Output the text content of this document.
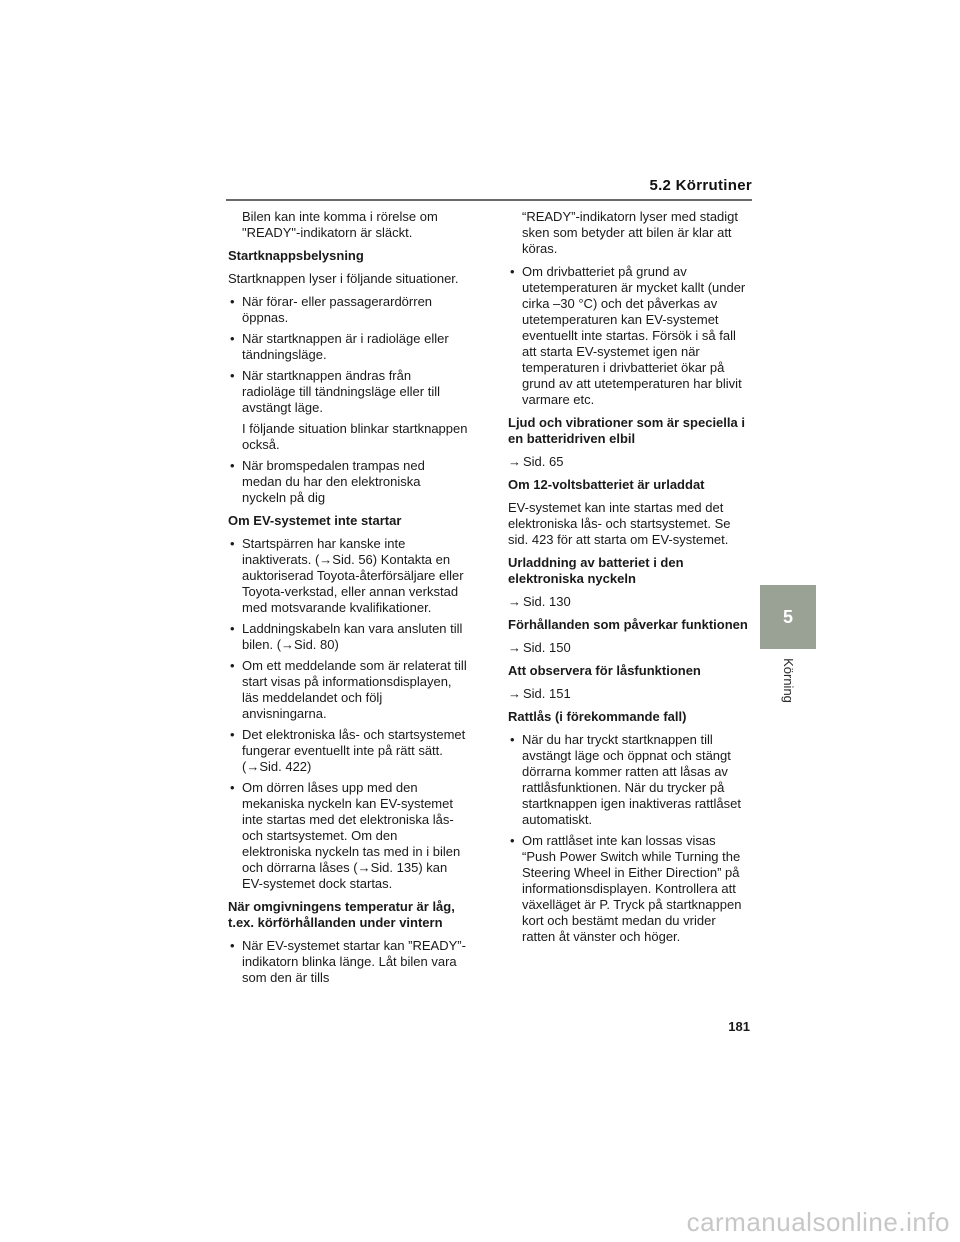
5.2 Körrutiner

Bilen kan inte komma i rörelse om "READY"-indikatorn är släckt.

Startknappsbelysning

Startknappen lyser i följande situationer.

• När förar- eller passagerardörren öppnas.
• När startknappen är i radioläge eller tändningsläge.
• När startknappen ändras från radioläge till tändningsläge eller till avstängt läge.
I följande situation blinkar startknappen också.
• När bromspedalen trampas ned medan du har den elektroniska nyckeln på dig

Om EV-systemet inte startar

• Startspärren har kanske inte inaktiverats. (→Sid. 56) Kontakta en auktoriserad Toyota-återförsäljare eller Toyota-verkstad, eller annan verkstad med motsvarande kvalifikationer.
• Laddningskabeln kan vara ansluten till bilen. (→Sid. 80)
• Om ett meddelande som är relaterat till start visas på informationsdisplayen, läs meddelandet och följ anvisningarna.
• Det elektroniska lås- och startsystemet fungerar eventuellt inte på rätt sätt. (→Sid. 422)
• Om dörren låses upp med den mekaniska nyckeln kan EV-systemet inte startas med det elektroniska lås- och startsystemet. Om den elektroniska nyckeln tas med in i bilen och dörrarna låses (→Sid. 135) kan EV-systemet dock startas.

När omgivningens temperatur är låg, t.ex. körförhållanden under vintern

• När EV-systemet startar kan ”READY”-indikatorn blinka länge. Låt bilen vara som den är tills

“READY”-indikatorn lyser med stadigt sken som betyder att bilen är klar att köras.

• Om drivbatteriet på grund av utetemperaturen är mycket kallt (under cirka –30 °C) och det påverkas av utetemperaturen kan EV-systemet eventuellt inte startas. Försök i så fall att starta EV-systemet igen när temperaturen i drivbatteriet ökar på grund av att utetemperaturen har blivit varmare etc.

Ljud och vibrationer som är speciella i en batteridriven elbil

→ Sid. 65

Om 12-voltsbatteriet är urladdat

EV-systemet kan inte startas med det elektroniska lås- och startsystemet. Se sid. 423 för att starta om EV-systemet.

Urladdning av batteriet i den elektroniska nyckeln

→ Sid. 130

Förhållanden som påverkar funktionen

→ Sid. 150

Att observera för låsfunktionen

→ Sid. 151

Rattlås (i förekommande fall)

• När du har tryckt startknappen till avstängt läge och öppnat och stängt dörrarna kommer ratten att låsas av rattlåsfunktionen. När du trycker på startknappen igen inaktiveras rattlåset automatiskt.
• Om rattlåset inte kan lossas visas “Push Power Switch while Turning the Steering Wheel in Either Direction” på informationsdisplayen. Kontrollera att växelläget är P. Tryck på startknappen kort och bestämt medan du vrider ratten åt vänster och höger.
5
Körning
181
carmanualsonline.info
